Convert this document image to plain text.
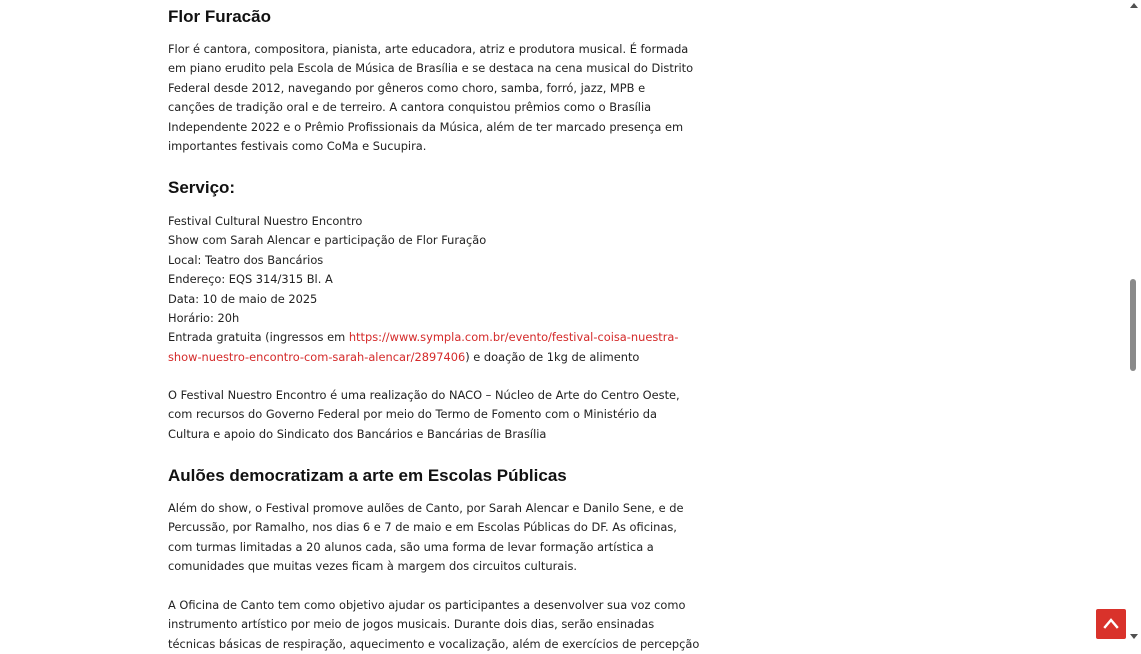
Flor Furacão

Flor é cantora, compositora, pianista, arte educadora, atriz e produtora musical. É formada
em piano erudito pela Escola de Música de Brasília e se destaca na cena musical do Distrito
Federal desde 2012, navegando por gêneros como choro, samba, forró, jazz, MPB e
canções de tradição oral e de terreiro. A cantora conquistou prêmios como o Brasília
Independente 2022 e o Prêmio Profissionais da Música, além de ter marcado presença em
importantes festivais como CoMa e Sucupira.

Serviço:

Festival Cultural Nuestro Encontro
Show com Sarah Alencar e participação de Flor Furação
Local: Teatro dos Bancários
Endereço: EQS 314/315 Bl. A
Data: 10 de maio de 2025
Horário: 20h
Entrada gratuita (ingressos em https://www.sympla.com.br/evento/festival-coisa-nuestra-
show-nuestro-encontro-com-sarah-alencar/2897406) e doação de 1kg de alimento

O Festival Nuestro Encontro é uma realização do NACO – Núcleo de Arte do Centro Oeste,
com recursos do Governo Federal por meio do Termo de Fomento com o Ministério da
Cultura e apoio do Sindicato dos Bancários e Bancárias de Brasília

Aulões democratizam a arte em Escolas Públicas

Além do show, o Festival promove aulões de Canto, por Sarah Alencar e Danilo Sene, e de
Percussão, por Ramalho, nos dias 6 e 7 de maio e em Escolas Públicas do DF. As oficinas,
com turmas limitadas a 20 alunos cada, são uma forma de levar formação artística a
comunidades que muitas vezes ficam à margem dos circuitos culturais.

A Oficina de Canto tem como objetivo ajudar os participantes a desenvolver sua voz como
instrumento artístico por meio de jogos musicais. Durante dois dias, serão ensinadas
técnicas básicas de respiração, aquecimento e vocalização, além de exercícios de percepção
